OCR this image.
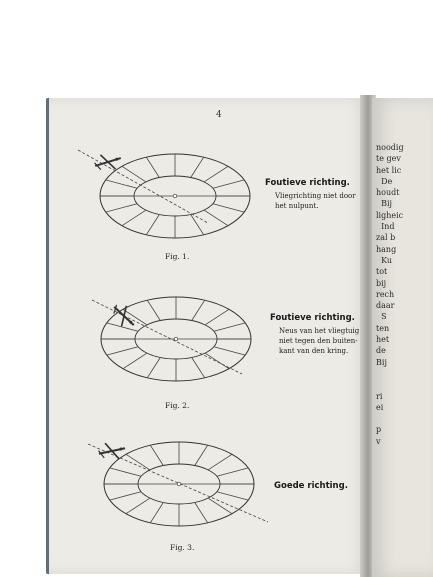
4
Foutieve richting.
Vliegrichting niet door
het nulpunt.
Fig. 1.
Foutieve richting.
Neus van het vliegtuig
niet tegen den buiten-
kant van den kring.
Fig. 2.
Goede richting.
Fig. 3.
noodig
te gev
het lic
De
houdt
Bij
ligheic
Ind
zal b
hang
Ku
tot
bij
rech
daar
S
ten
het
de
Bij

ri
ei

p
v
